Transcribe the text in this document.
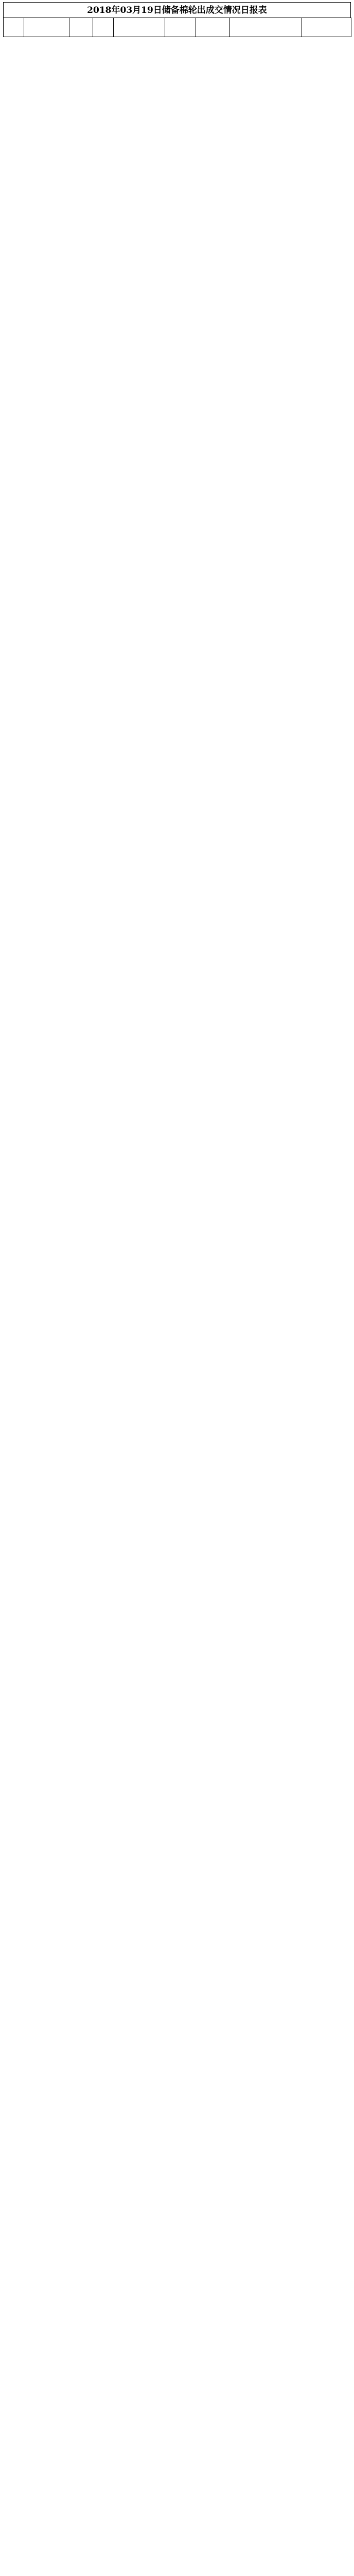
2018年03月19日储备棉轮出成交情况日报表
